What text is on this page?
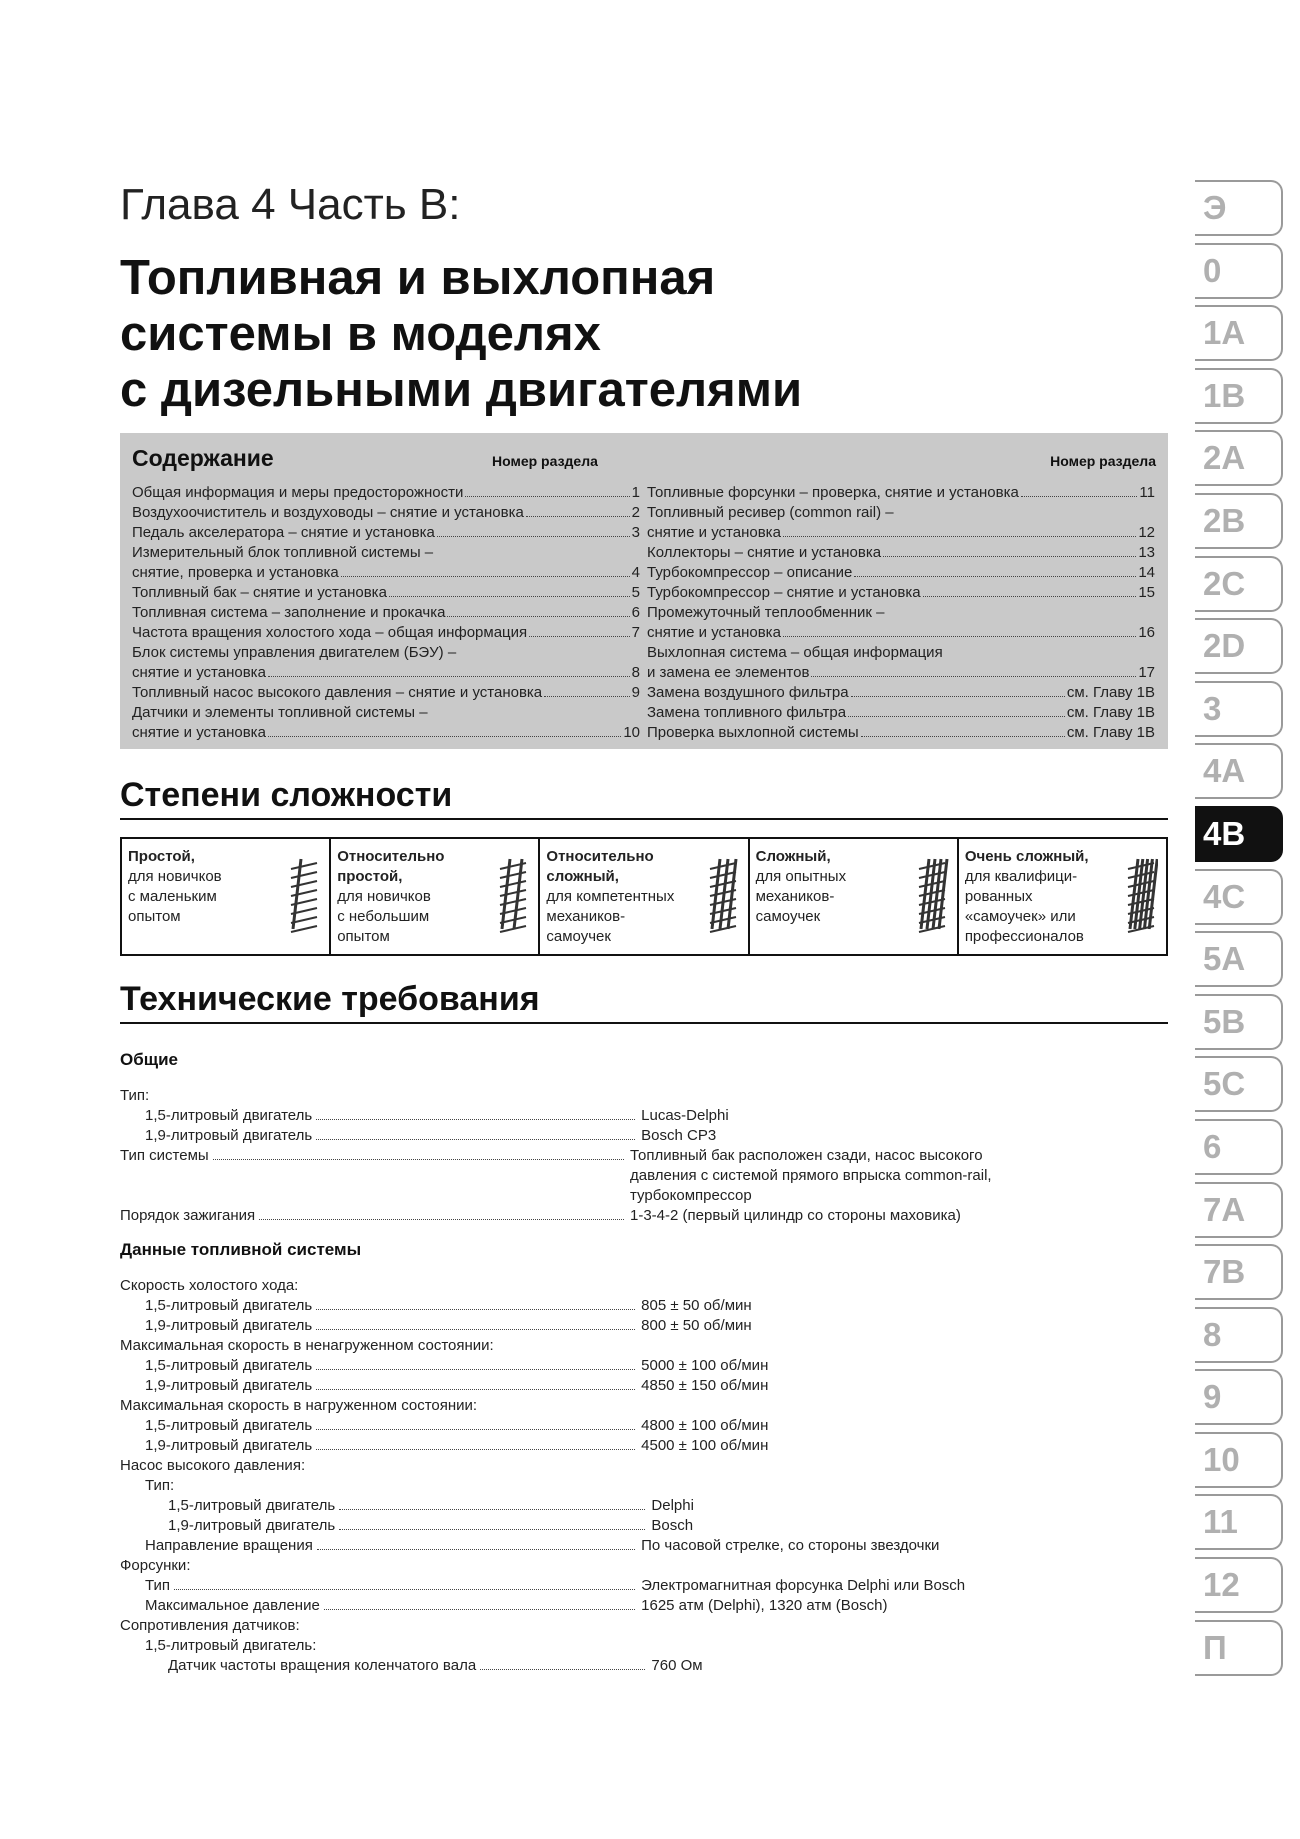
Глава 4 Часть В:
Топливная и выхлопная
системы в моделях
с дизельными двигателями
Содержание	Номер раздела	Номер раздела
Общая информация и меры предосторожности	1
Воздухоочиститель и воздуховоды – снятие и установка	2
Педаль акселератора – снятие и установка	3
Измерительный блок топливной системы –
снятие, проверка и установка	4
Топливный бак – снятие и установка	5
Топливная система – заполнение и прокачка	6
Частота вращения холостого хода – общая информация	7
Блок системы управления двигателем (БЭУ) –
снятие и установка	8
Топливный насос высокого давления – снятие и установка	9
Датчики и элементы топливной системы –
снятие и установка	10
Топливные форсунки – проверка, снятие и установка	11
Топливный ресивер (common rail) –
снятие и установка	12
Коллекторы – снятие и установка	13
Турбокомпрессор – описание	14
Турбокомпрессор – снятие и установка	15
Промежуточный теплообменник –
снятие и установка	16
Выхлопная система – общая информация
и замена ее элементов	17
Замена воздушного фильтра	см. Главу 1В
Замена топливного фильтра	см. Главу 1В
Проверка выхлопной системы	см. Главу 1В
Степени сложности
Простой,
для новичков
с маленьким
опытом
Относительно простой,
для новичков
с небольшим
опытом
Относительно сложный,
для компетентных
механиков-
самоучек
Сложный,
для опытных
механиков-
самоучек
Очень сложный,
для квалифици-
рованных
«самоучек» или
профессионалов
Технические требования
Общие
Тип:
1,5-литровый двигатель	Lucas-Delphi
1,9-литровый двигатель	Bosch CP3
Тип системы	Топливный бак расположен сзади, насос высокого давления с системой прямого впрыска common-rail, турбокомпрессор
Порядок зажигания	1-3-4-2 (первый цилиндр со стороны маховика)
Данные топливной системы
Скорость холостого хода:
1,5-литровый двигатель	805 ± 50 об/мин
1,9-литровый двигатель	800 ± 50 об/мин
Максимальная скорость в ненагруженном состоянии:
1,5-литровый двигатель	5000 ± 100 об/мин
1,9-литровый двигатель	4850 ± 150 об/мин
Максимальная скорость в нагруженном состоянии:
1,5-литровый двигатель	4800 ± 100 об/мин
1,9-литровый двигатель	4500 ± 100 об/мин
Насос высокого давления:
Тип:
1,5-литровый двигатель	Delphi
1,9-литровый двигатель	Bosch
Направление вращения	По часовой стрелке, со стороны звездочки
Форсунки:
Тип	Электромагнитная форсунка Delphi или Bosch
Максимальное давление	1625 атм (Delphi), 1320 атм (Bosch)
Сопротивления датчиков:
1,5-литровый двигатель:
Датчик частоты вращения коленчатого вала	760 Ом
Э
0
1А
1В
2А
2В
2С
2D
3
4А
4В
4С
5А
5В
5С
6
7А
7В
8
9
10
11
12
П
